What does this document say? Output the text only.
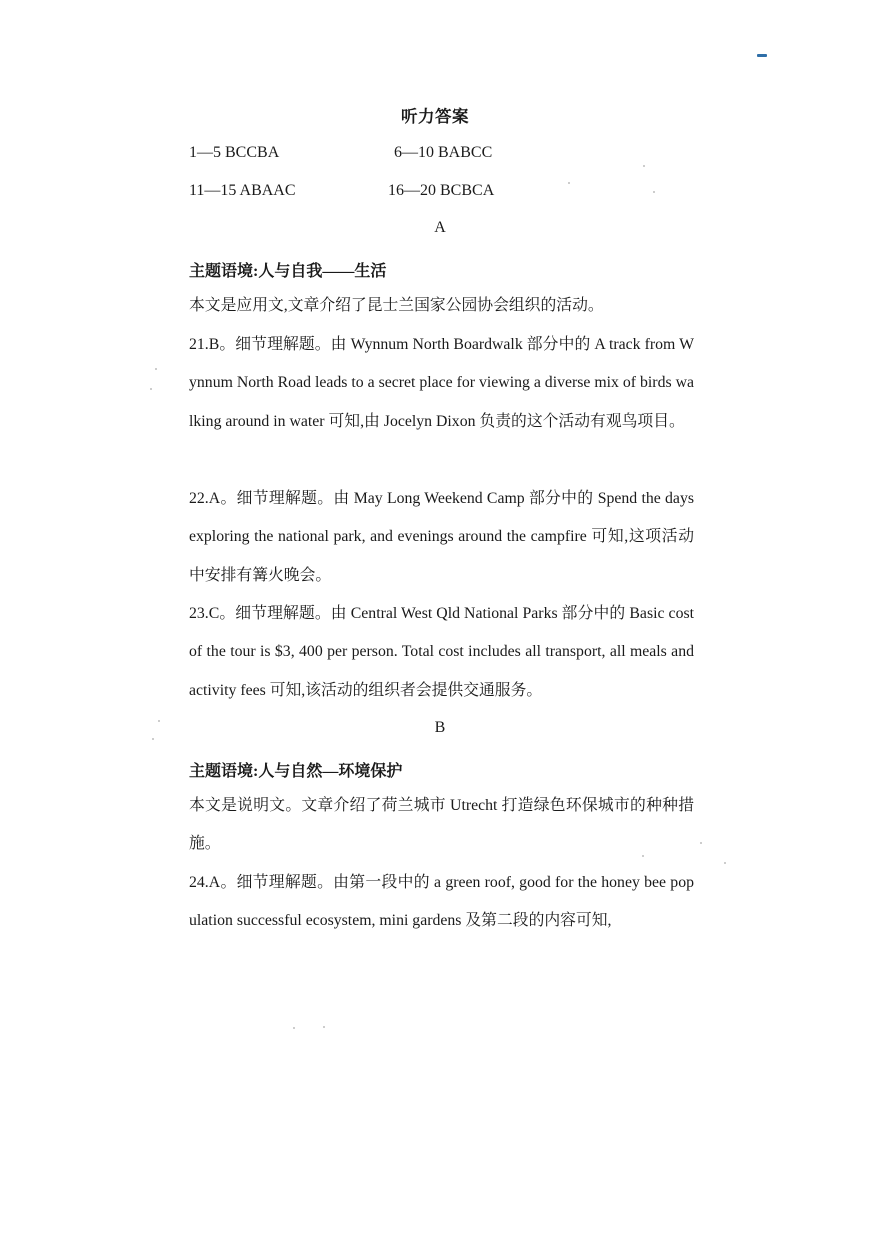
听力答案
1—5 BCCBA	6—10 BABCC
11—15 ABAAC	16—20 BCBCA
A
主题语境:人与自我——生活
本文是应用文,文章介绍了昆士兰国家公园协会组织的活动。
21.B。细节理解题。由 Wynnum North Boardwalk 部分中的 A track from Wynnum North Road leads to a secret place for viewing a diverse mix of birds walking around in water 可知,由 Jocelyn Dixon 负责的这个活动有观鸟项目。
22.A。细节理解题。由 May Long Weekend Camp 部分中的 Spend the days exploring the national park, and evenings around the campfire 可知,这项活动中安排有篝火晚会。
23.C。细节理解题。由 Central West Qld National Parks 部分中的 Basic cost of the tour is $3, 400 per person. Total cost includes all transport, all meals and activity fees 可知,该活动的组织者会提供交通服务。
B
主题语境:人与自然—环境保护
本文是说明文。文章介绍了荷兰城市 Utrecht 打造绿色环保城市的种种措施。
24.A。细节理解题。由第一段中的 a green roof, good for the honey bee population successful ecosystem, mini gardens 及第二段的内容可知,
